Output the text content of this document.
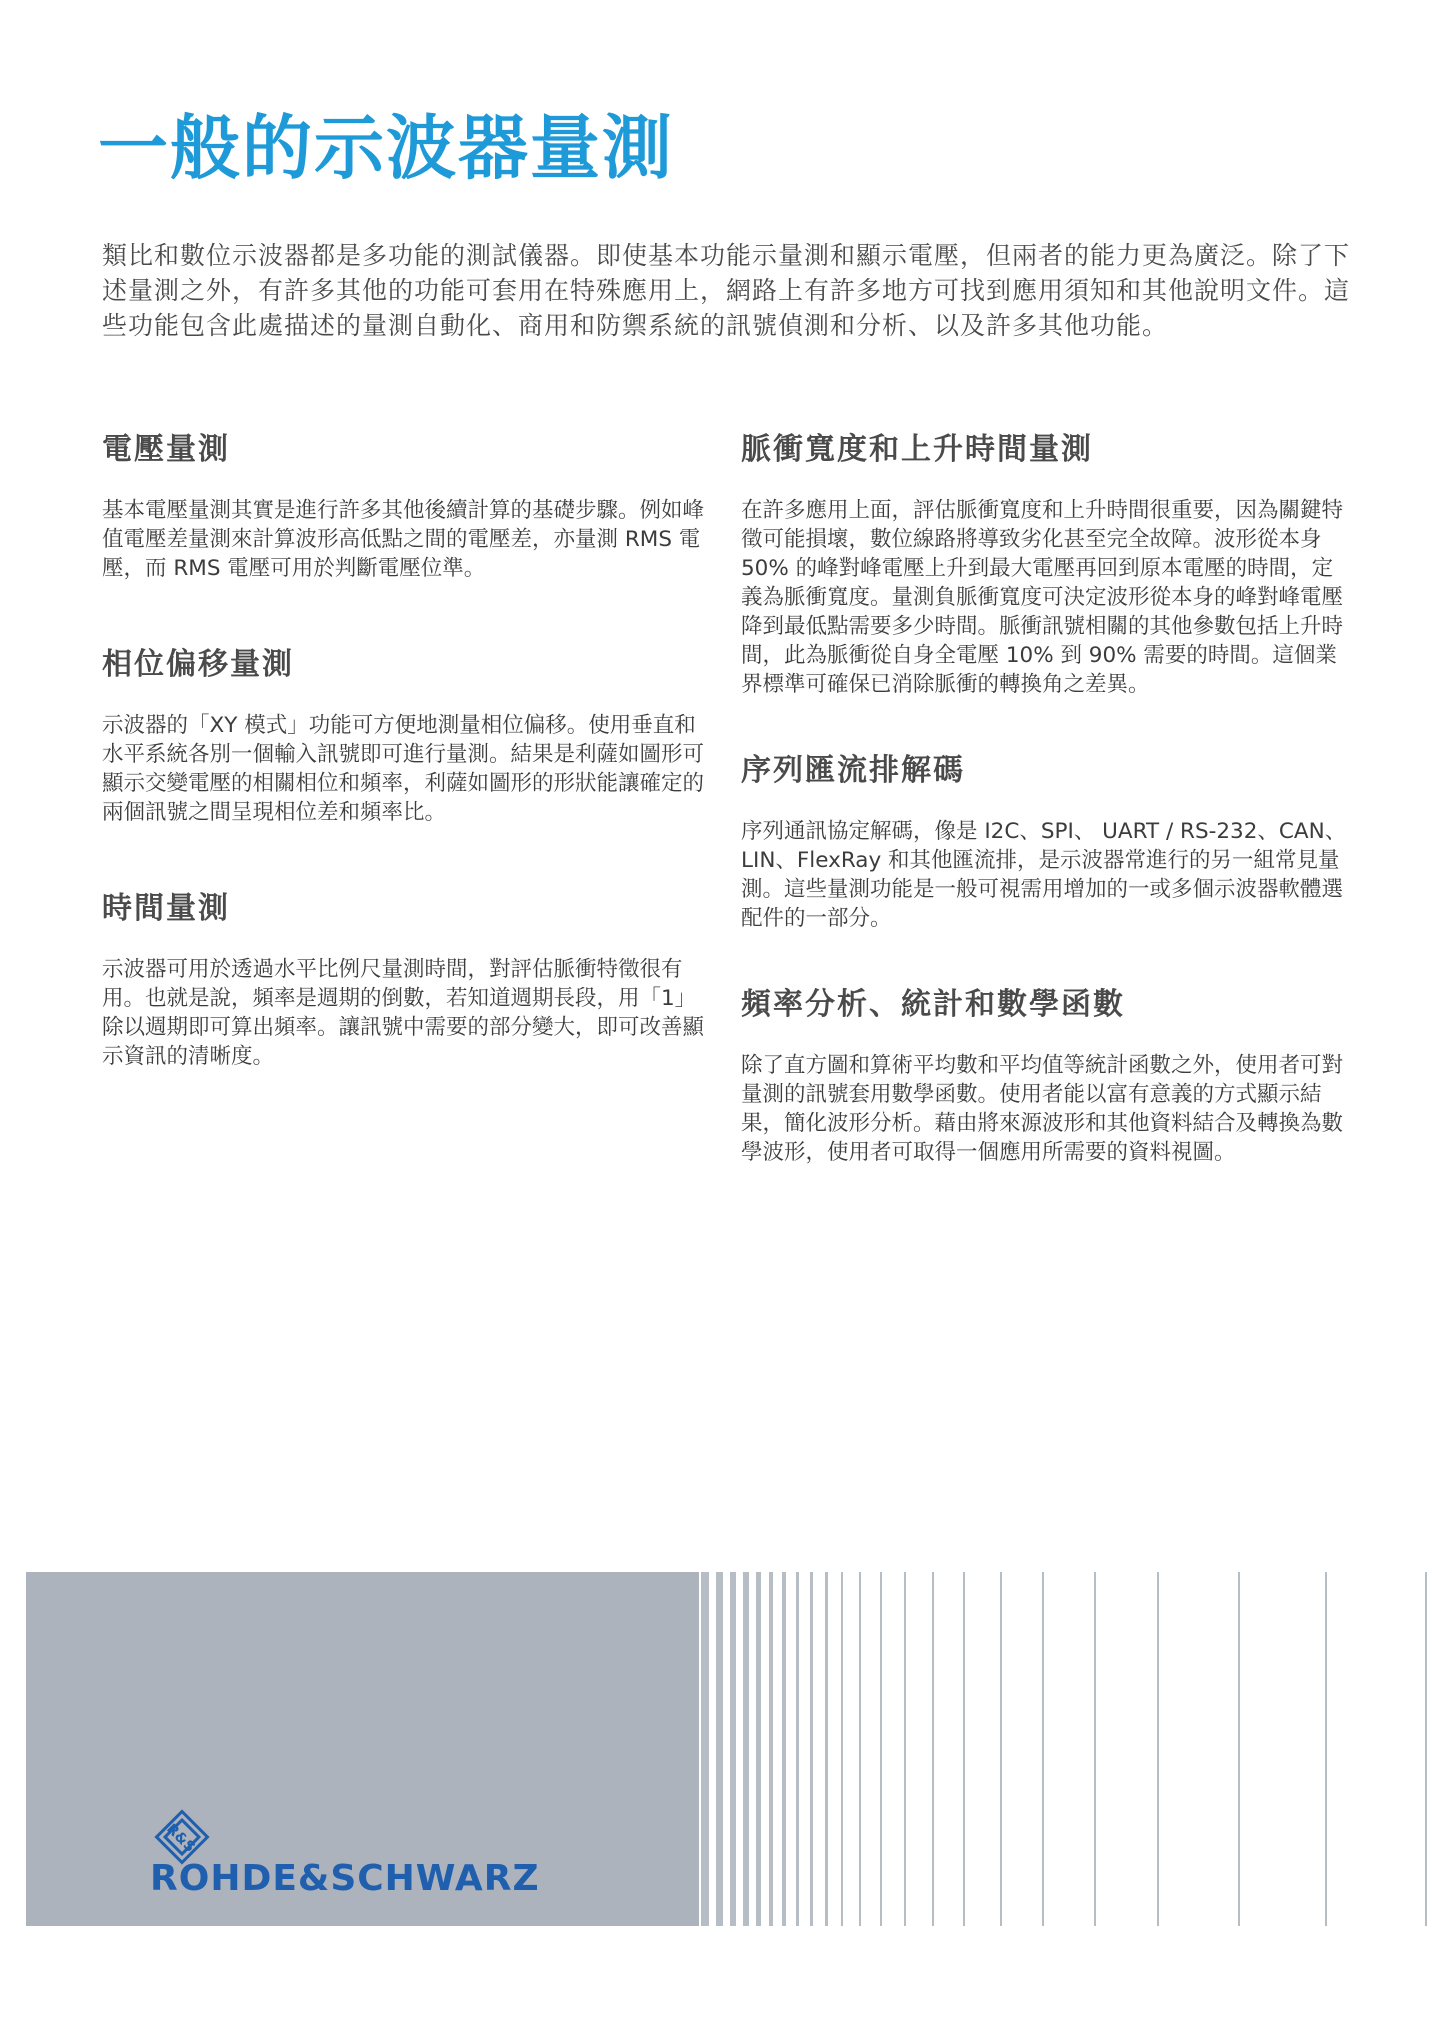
一般的示波器量測

類比和數位示波器都是多功能的測試儀器。即使基本功能示量測和顯示電壓，但兩者的能力更為廣泛。除了下述量測之外，有許多其他的功能可套用在特殊應用上，網路上有許多地方可找到應用須知和其他說明文件。這些功能包含此處描述的量測自動化、商用和防禦系統的訊號偵測和分析、以及許多其他功能。

電壓量測

基本電壓量測其實是進行許多其他後續計算的基礎步驟。例如峰值電壓差量測來計算波形高低點之間的電壓差，亦量測 RMS 電壓，而 RMS 電壓可用於判斷電壓位準。

相位偏移量測

示波器的「XY 模式」功能可方便地測量相位偏移。使用垂直和水平系統各別一個輸入訊號即可進行量測。結果是利薩如圖形可顯示交變電壓的相關相位和頻率，利薩如圖形的形狀能讓確定的兩個訊號之間呈現相位差和頻率比。

時間量測

示波器可用於透過水平比例尺量測時間，對評估脈衝特徵很有用。也就是說，頻率是週期的倒數，若知道週期長段，用「1」除以週期即可算出頻率。讓訊號中需要的部分變大，即可改善顯示資訊的清晰度。

脈衝寬度和上升時間量測

在許多應用上面，評估脈衝寬度和上升時間很重要，因為關鍵特徵可能損壞，數位線路將導致劣化甚至完全故障。波形從本身 50% 的峰對峰電壓上升到最大電壓再回到原本電壓的時間，定義為脈衝寬度。量測負脈衝寬度可決定波形從本身的峰對峰電壓降到最低點需要多少時間。脈衝訊號相關的其他參數包括上升時間，此為脈衝從自身全電壓 10% 到 90% 需要的時間。這個業界標準可確保已消除脈衝的轉換角之差異。

序列匯流排解碼

序列通訊協定解碼，像是 I2C、SPI、 UART / RS-232、CAN、LIN、FlexRay 和其他匯流排，是示波器常進行的另一組常見量測。這些量測功能是一般可視需用增加的一或多個示波器軟體選配件的一部分。

頻率分析、統計和數學函數

除了直方圖和算術平均數和平均值等統計函數之外，使用者可對量測的訊號套用數學函數。使用者能以富有意義的方式顯示結果，簡化波形分析。藉由將來源波形和其他資料結合及轉換為數學波形，使用者可取得一個應用所需要的資料視圖。

R&S
ROHDE&SCHWARZ
